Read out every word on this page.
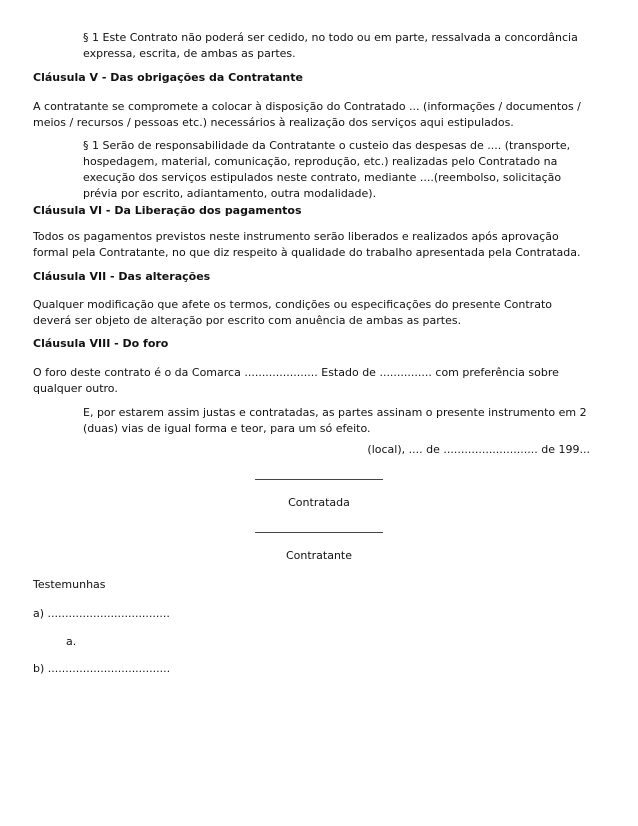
§ 1 Este Contrato não poderá ser cedido, no todo ou em parte, ressalvada a concordância expressa, escrita, de ambas as partes.

Cláusula V - Das obrigações da Contratante

A contratante se compromete a colocar à disposição do Contratado ... (informações / documentos / meios / recursos / pessoas etc.) necessários à realização dos serviços aqui estipulados.

§ 1 Serão de responsabilidade da Contratante o custeio das despesas de .... (transporte, hospedagem, material, comunicação, reprodução, etc.) realizadas pelo Contratado na execução dos serviços estipulados neste contrato, mediante ....(reembolso, solicitação prévia por escrito, adiantamento, outra modalidade).

Cláusula VI - Da Liberação dos pagamentos

Todos os pagamentos previstos neste instrumento serão liberados e realizados após aprovação formal pela Contratante, no que diz respeito à qualidade do trabalho apresentada pela Contratada.

Cláusula VII - Das alterações

Qualquer modificação que afete os termos, condições ou especificações do presente Contrato deverá ser objeto de alteração por escrito com anuência de ambas as partes.

Cláusula VIII - Do foro

O foro deste contrato é o da Comarca ..................... Estado de ............... com preferência sobre qualquer outro.

E, por estarem assim justas e contratadas, as partes assinam o presente instrumento em 2 (duas) vias de igual forma e teor, para um só efeito.

(local), .... de ........................... de 199...

Contratada

Contratante

Testemunhas

a) ...................................

a.

b) ...................................
